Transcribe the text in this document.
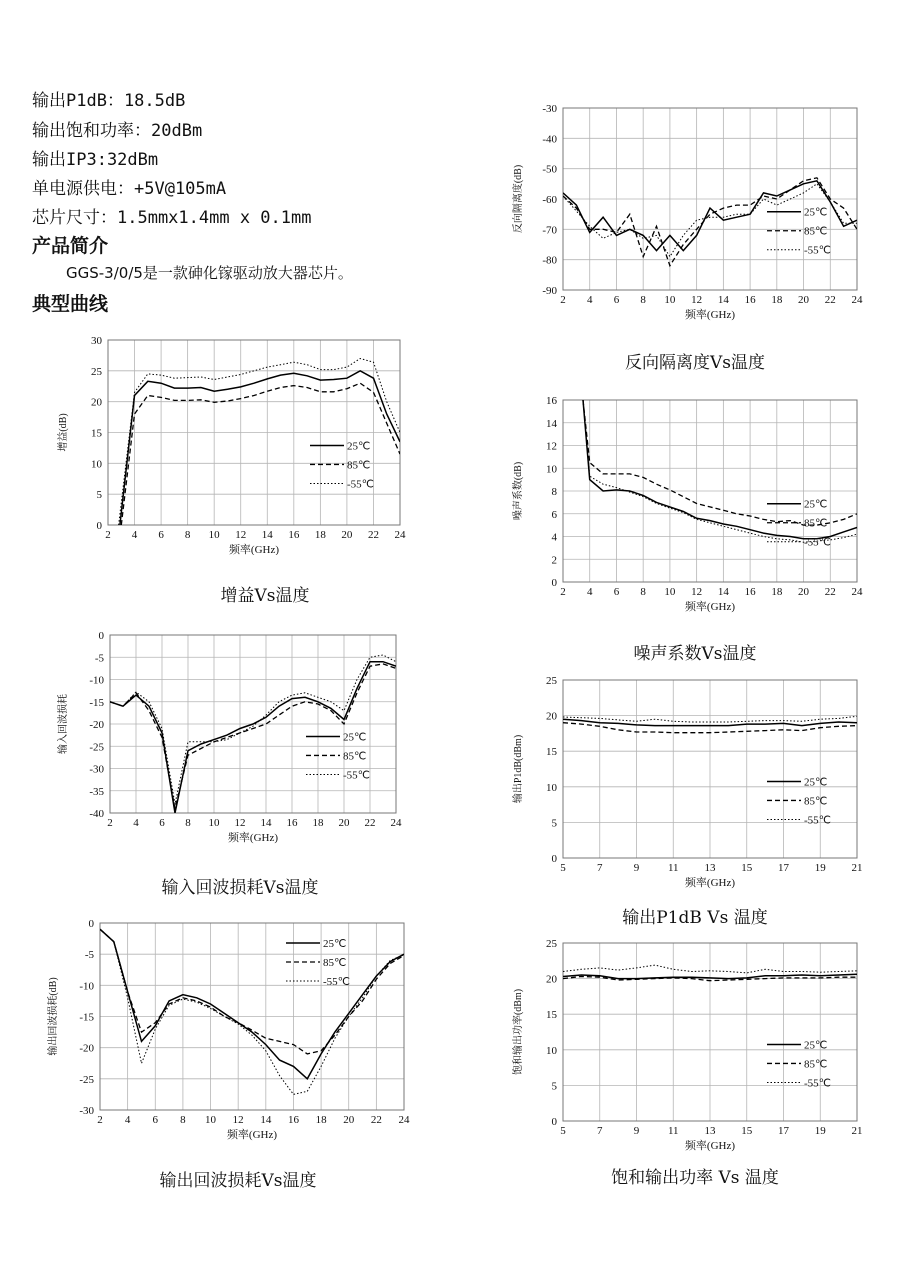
输出P1dB：18.5dB
输出饱和功率：20dBm
输出IP3:32dBm
单电源供电：+5V@105mA
芯片尺寸：1.5mmx1.4mm x 0.1mm
产品简介
GGS-3/0/5是一款砷化镓驱动放大器芯片。
典型曲线
2 4 6 8 10 12 14 16 18 20 22 24
0
5
10
15
20
25
30
频率(GHz)
增益(dB)	25℃
85℃
-55℃
增益Vs温度
2 4 6 8 10 12 14 16 18 20 22 24
0
-5
-10
-15
-20
-25
-30
-35
-40
频率(GHz)
输入回波损耗	25℃
85℃
-55℃
输入回波损耗Vs温度
2 4 6 8 10 12 14 16 18 20 22 24
0
-5
-10
-15
-20
-25
-30
频率(GHz)
输出回波损耗(dB)
25℃
85℃
-55℃
输出回波损耗Vs温度
2 4 6 8 10 12 14 16 18 20 22 24
-30
-40
-50
-60
-70
-80
-90
频率(GHz)
反向隔离度(dB)	25℃
85℃
-55℃
反向隔离度Vs温度
2 4 6 8 10 12 14 16 18 20 22 24
0
2
4
6
8
10
12
14
16
频率(GHz)
噪声系数(dB)	25℃
85℃
-55℃
噪声系数Vs温度
5	7	9	11 13 15 17 19 21
0
5
10
15
20
25
频率(GHz)
输出P1dB(dBm)	25℃
85℃
-55℃
输出P1dB Vs 温度
5	7	9	11 13 15 17 19 21
0
5
10
15
20
25
频率(GHz)
饱和输出功率(dBm)	25℃
85℃
-55℃
饱和输出功率 Vs 温度
